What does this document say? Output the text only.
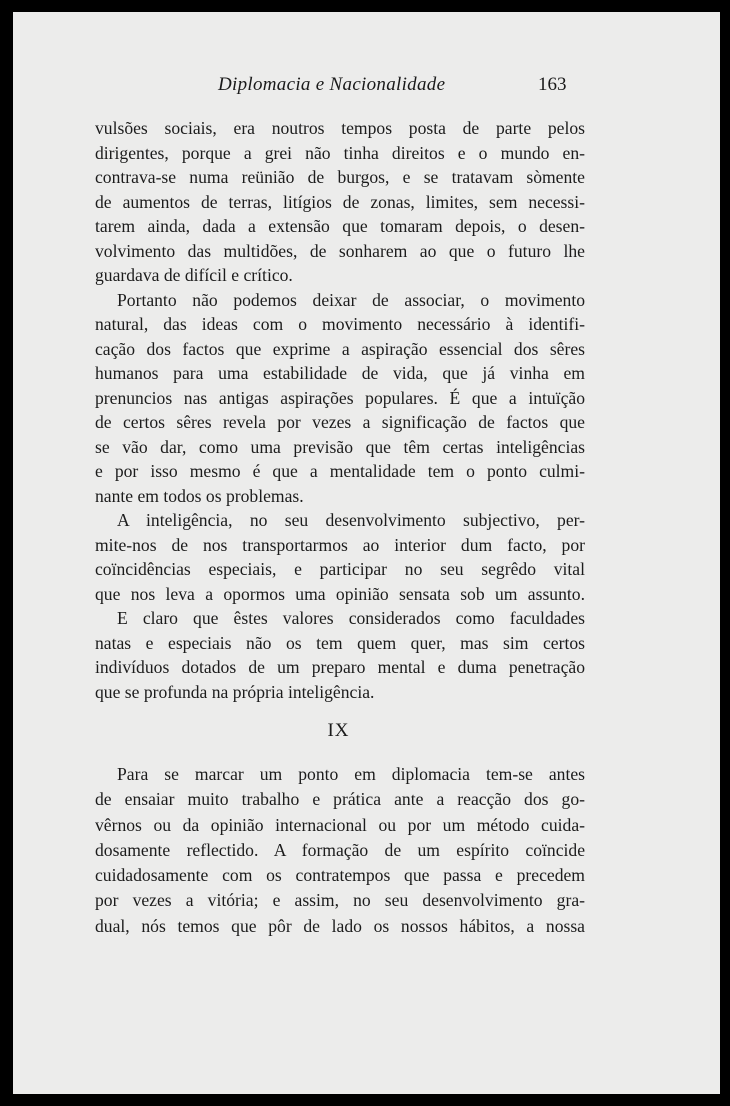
Diplomacia e Nacionalidade	163
vulsões sociais, era noutros tempos posta de parte pelos
dirigentes, porque a grei não tinha direitos e o mundo en-
contrava-se numa reünião de burgos, e se tratavam sòmente
de aumentos de terras, litígios de zonas, limites, sem necessi-
tarem ainda, dada a extensão que tomaram depois, o desen-
volvimento das multidões, de sonharem ao que o futuro lhe
guardava de difícil e crítico.
Portanto não podemos deixar de associar, o movimento
natural, das ideas com o movimento necessário à identifi-
cação dos factos que exprime a aspiração essencial dos sêres
humanos para uma estabilidade de vida, que já vinha em
prenuncios nas antigas aspirações populares. É que a intuïção
de certos sêres revela por vezes a significação de factos que
se vão dar, como uma previsão que têm certas inteligências
e por isso mesmo é que a mentalidade tem o ponto culmi-
nante em todos os problemas.
A inteligência, no seu desenvolvimento subjectivo, per-
mite-nos de nos transportarmos ao interior dum facto, por
coïncidências especiais, e participar no seu segrêdo vital
que nos leva a opormos uma opinião sensata sob um assunto.
E claro que êstes valores considerados como faculdades
natas e especiais não os tem quem quer, mas sim certos
indivíduos dotados de um preparo mental e duma penetração
que se profunda na própria inteligência.
IX
Para se marcar um ponto em diplomacia tem-se antes
de ensaiar muito trabalho e prática ante a reacção dos go-
vêrnos ou da opinião internacional ou por um método cuida-
dosamente reflectido. A formação de um espírito coïncide
cuidadosamente com os contratempos que passa e precedem
por vezes a vitória; e assim, no seu desenvolvimento gra-
dual, nós temos que pôr de lado os nossos hábitos, a nossa
